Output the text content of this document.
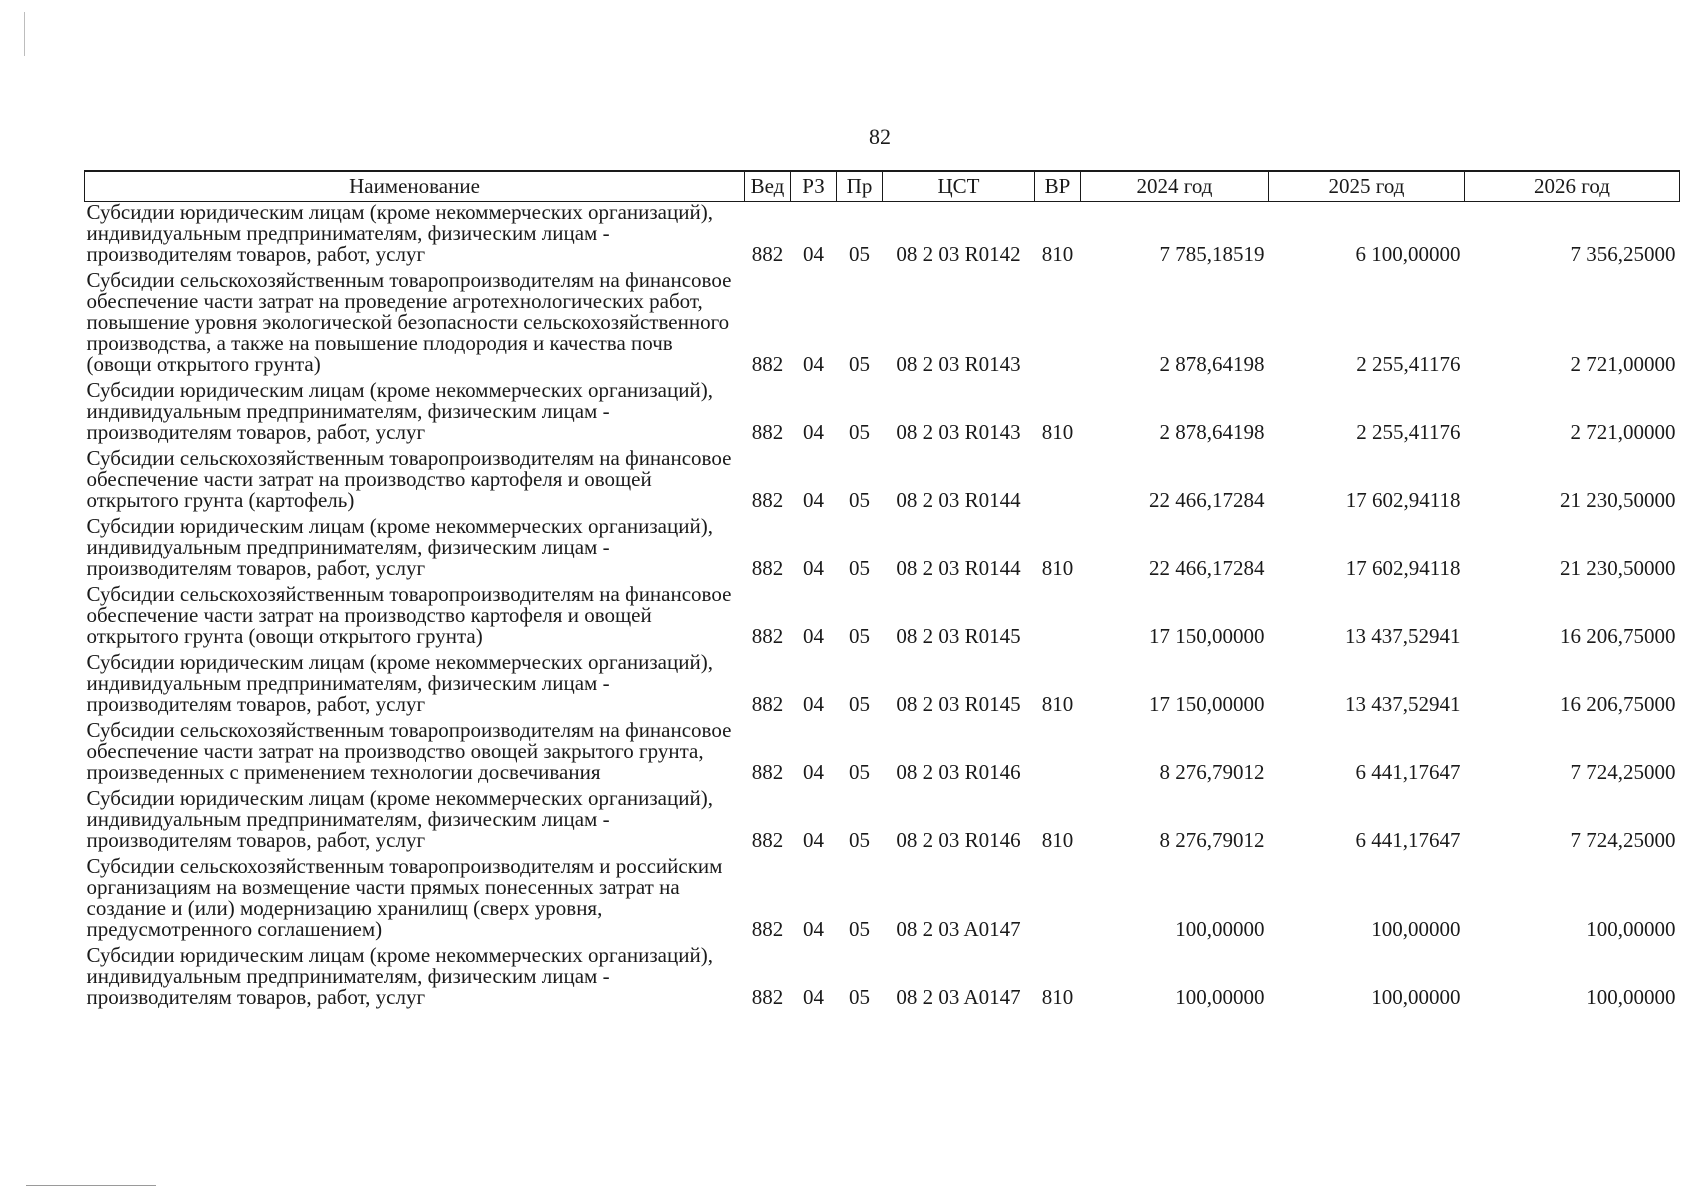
82
Наименование	Вед	РЗ	Пр	ЦСТ	ВР	2024 год	2025 год	2026 год
Субсидии юридическим лицам (кроме некоммерческих организаций), индивидуальным предпринимателям, физическим лицам - производителям товаров, работ, услуг	882	04	05	08 2 03 R0142	810	7 785,18519	6 100,00000	7 356,25000
Субсидии сельскохозяйственным товаропроизводителям на финансовое обеспечение части затрат на проведение агротехнологических работ, повышение уровня экологической безопасности сельскохозяйственного производства, а также на повышение плодородия и качества почв (овощи открытого грунта)	882	04	05	08 2 03 R0143		2 878,64198	2 255,41176	2 721,00000
Субсидии юридическим лицам (кроме некоммерческих организаций), индивидуальным предпринимателям, физическим лицам - производителям товаров, работ, услуг	882	04	05	08 2 03 R0143	810	2 878,64198	2 255,41176	2 721,00000
Субсидии сельскохозяйственным товаропроизводителям на финансовое обеспечение части затрат на производство картофеля и овощей открытого грунта (картофель)	882	04	05	08 2 03 R0144		22 466,17284	17 602,94118	21 230,50000
Субсидии юридическим лицам (кроме некоммерческих организаций), индивидуальным предпринимателям, физическим лицам - производителям товаров, работ, услуг	882	04	05	08 2 03 R0144	810	22 466,17284	17 602,94118	21 230,50000
Субсидии сельскохозяйственным товаропроизводителям на финансовое обеспечение части затрат на производство картофеля и овощей открытого грунта (овощи открытого грунта)	882	04	05	08 2 03 R0145		17 150,00000	13 437,52941	16 206,75000
Субсидии юридическим лицам (кроме некоммерческих организаций), индивидуальным предпринимателям, физическим лицам - производителям товаров, работ, услуг	882	04	05	08 2 03 R0145	810	17 150,00000	13 437,52941	16 206,75000
Субсидии сельскохозяйственным товаропроизводителям на финансовое обеспечение части затрат на производство овощей закрытого грунта, произведенных с применением технологии досвечивания	882	04	05	08 2 03 R0146		8 276,79012	6 441,17647	7 724,25000
Субсидии юридическим лицам (кроме некоммерческих организаций), индивидуальным предпринимателям, физическим лицам - производителям товаров, работ, услуг	882	04	05	08 2 03 R0146	810	8 276,79012	6 441,17647	7 724,25000
Субсидии сельскохозяйственным товаропроизводителям и российским организациям на возмещение части прямых понесенных затрат на создание и (или) модернизацию хранилищ (сверх уровня, предусмотренного соглашением)	882	04	05	08 2 03 A0147		100,00000	100,00000	100,00000
Субсидии юридическим лицам (кроме некоммерческих организаций), индивидуальным предпринимателям, физическим лицам - производителям товаров, работ, услуг	882	04	05	08 2 03 A0147	810	100,00000	100,00000	100,00000
